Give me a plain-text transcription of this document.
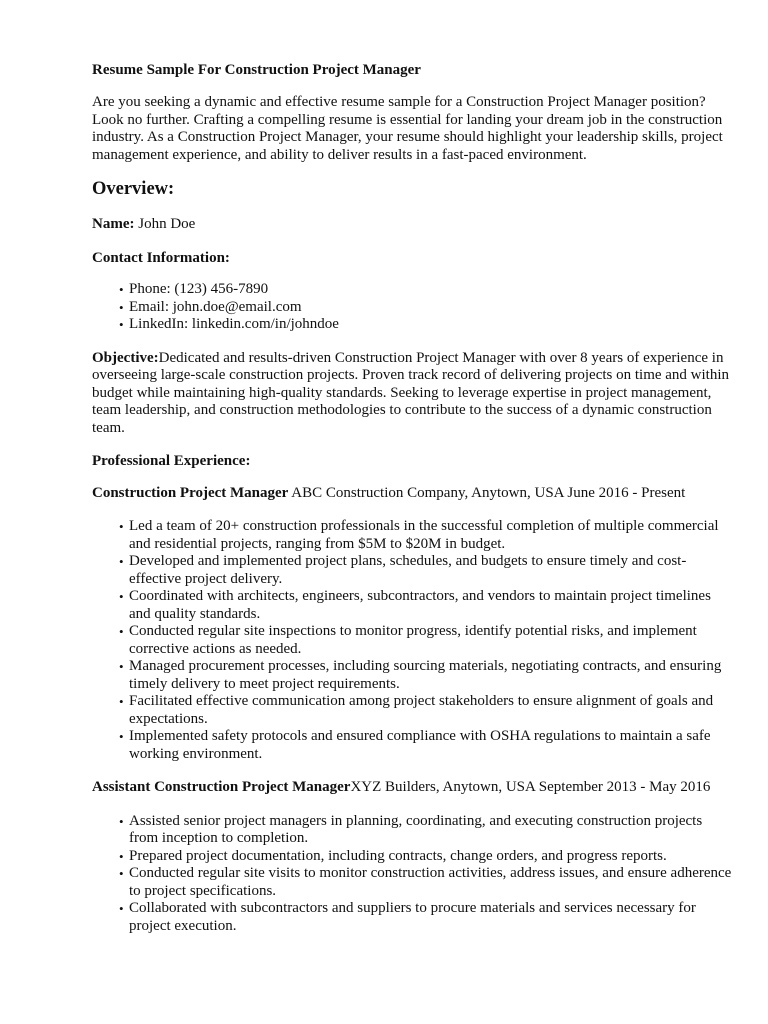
Resume Sample For Construction Project Manager

Are you seeking a dynamic and effective resume sample for a Construction Project Manager position? Look no further. Crafting a compelling resume is essential for landing your dream job in the construction industry. As a Construction Project Manager, your resume should highlight your leadership skills, project management experience, and ability to deliver results in a fast-paced environment.

Overview:

Name: John Doe

Contact Information:
• Phone: (123) 456-7890
• Email: john.doe@email.com
• LinkedIn: linkedin.com/in/johndoe

Objective:Dedicated and results-driven Construction Project Manager with over 8 years of experience in overseeing large-scale construction projects. Proven track record of delivering projects on time and within budget while maintaining high-quality standards. Seeking to leverage expertise in project management, team leadership, and construction methodologies to contribute to the success of a dynamic construction team.

Professional Experience:

Construction Project Manager ABC Construction Company, Anytown, USA June 2016 - Present

• Led a team of 20+ construction professionals in the successful completion of multiple commercial and residential projects, ranging from $5M to $20M in budget.
• Developed and implemented project plans, schedules, and budgets to ensure timely and cost-effective project delivery.
• Coordinated with architects, engineers, subcontractors, and vendors to maintain project timelines and quality standards.
• Conducted regular site inspections to monitor progress, identify potential risks, and implement corrective actions as needed.
• Managed procurement processes, including sourcing materials, negotiating contracts, and ensuring timely delivery to meet project requirements.
• Facilitated effective communication among project stakeholders to ensure alignment of goals and expectations.
• Implemented safety protocols and ensured compliance with OSHA regulations to maintain a safe working environment.

Assistant Construction Project ManagerXYZ Builders, Anytown, USA September 2013 - May 2016

• Assisted senior project managers in planning, coordinating, and executing construction projects from inception to completion.
• Prepared project documentation, including contracts, change orders, and progress reports.
• Conducted regular site visits to monitor construction activities, address issues, and ensure adherence to project specifications.
• Collaborated with subcontractors and suppliers to procure materials and services necessary for project execution.
